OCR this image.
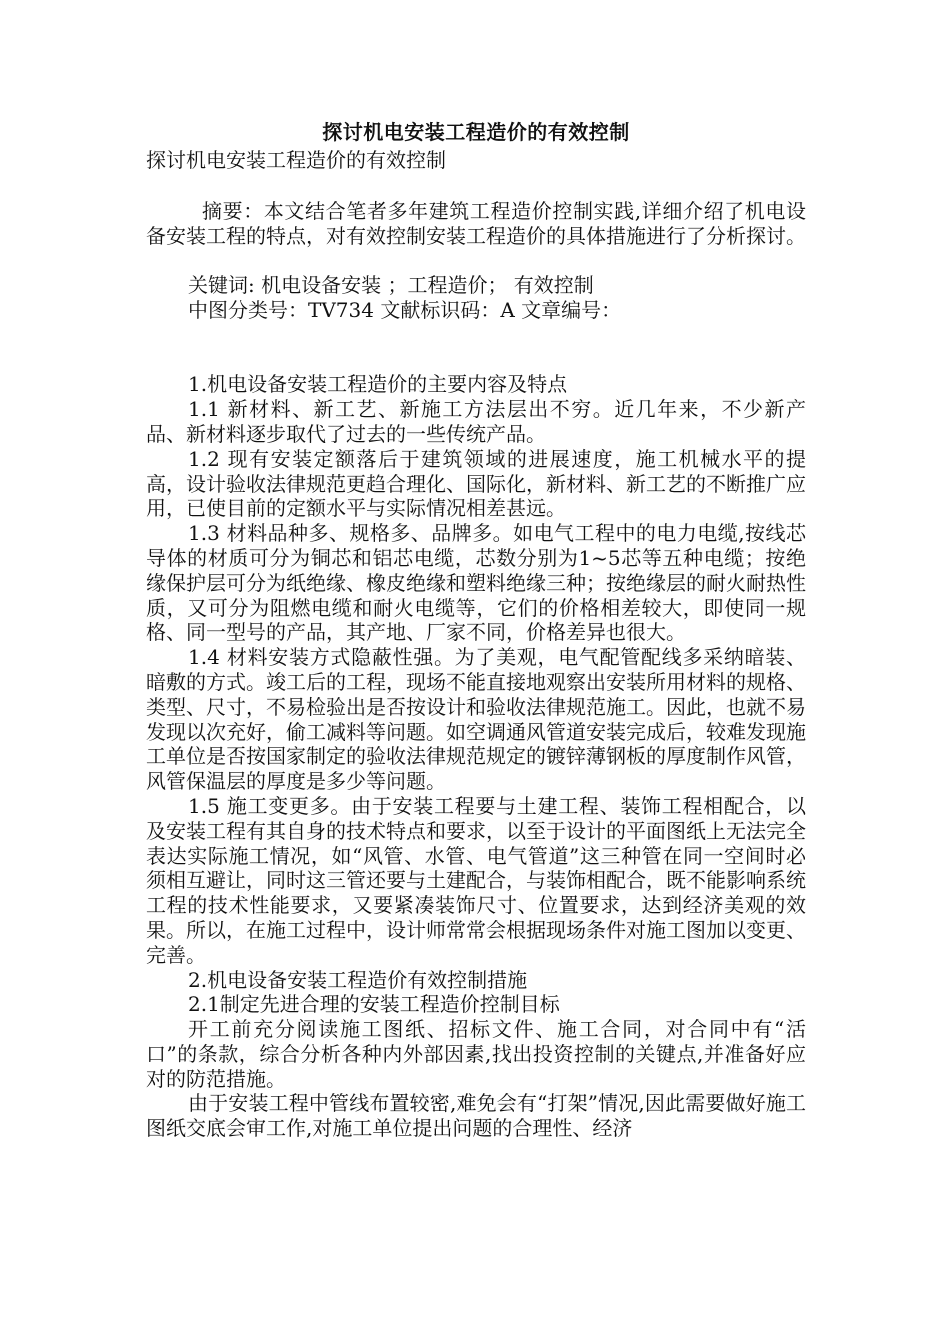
探讨机电安装工程造价的有效控制

探讨机电安装工程造价的有效控制

摘要：本文结合笔者多年建筑工程造价控制实践,详细介绍了机电设备安装工程的特点，对有效控制安装工程造价的具体措施进行了分析探讨。

关键词: 机电设备安装 ；工程造价； 有效控制

中图分类号：TV734 文献标识码：A 文章编号：

1.机电设备安装工程造价的主要内容及特点

1.1 新材料、新工艺、新施工方法层出不穷。近几年来，不少新产品、新材料逐步取代了过去的一些传统产品。

1.2 现有安装定额落后于建筑领域的进展速度，施工机械水平的提高，设计验收法律规范更趋合理化、国际化，新材料、新工艺的不断推广应用，已使目前的定额水平与实际情况相差甚远。

1.3 材料品种多、规格多、品牌多。如电气工程中的电力电缆,按线芯导体的材质可分为铜芯和铝芯电缆，芯数分别为1~5芯等五种电缆；按绝缘保护层可分为纸绝缘、橡皮绝缘和塑料绝缘三种；按绝缘层的耐火耐热性质，又可分为阻燃电缆和耐火电缆等，它们的价格相差较大，即使同一规格、同一型号的产品，其产地、厂家不同，价格差异也很大。

1.4 材料安装方式隐蔽性强。为了美观，电气配管配线多采纳暗装、暗敷的方式。竣工后的工程，现场不能直接地观察出安装所用材料的规格、类型、尺寸，不易检验出是否按设计和验收法律规范施工。因此，也就不易发现以次充好，偷工减料等问题。如空调通风管道安装完成后，较难发现施工单位是否按国家制定的验收法律规范规定的镀锌薄钢板的厚度制作风管，风管保温层的厚度是多少等问题。

1.5 施工变更多。由于安装工程要与土建工程、装饰工程相配合，以及安装工程有其自身的技术特点和要求，以至于设计的平面图纸上无法完全表达实际施工情况，如“风管、水管、电气管道”这三种管在同一空间时必须相互避让，同时这三管还要与土建配合，与装饰相配合，既不能影响系统工程的技术性能要求，又要紧凑装饰尺寸、位置要求，达到经济美观的效果。所以，在施工过程中，设计师常常会根据现场条件对施工图加以变更、完善。

2.机电设备安装工程造价有效控制措施

2.1制定先进合理的安装工程造价控制目标

开工前充分阅读施工图纸、招标文件、施工合同，对合同中有“活口”的条款，综合分析各种内外部因素,找出投资控制的关键点,并准备好应对的防范措施。

由于安装工程中管线布置较密,难免会有“打架”情况,因此需要做好施工图纸交底会审工作,对施工单位提出问题的合理性、经济
